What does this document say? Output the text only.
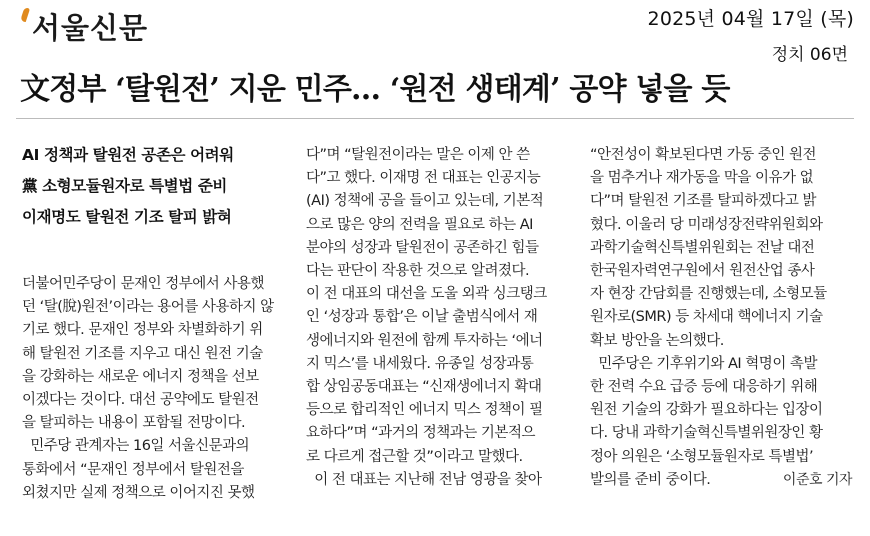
서울신문	2025년 04월 17일 (목)
정치 06면
文정부 ‘탈원전’ 지운 민주… ‘원전 생태계’ 공약 넣을 듯
AI 정책과 탈원전 공존은 어려워
黨 소형모듈원자로 특별법 준비
이재명도 탈원전 기조 탈피 밝혀

더불어민주당이 문재인 정부에서 사용했
던 ‘탈(脫)원전’이라는 용어를 사용하지 않
기로 했다. 문재인 정부와 차별화하기 위
해 탈원전 기조를 지우고 대신 원전 기술
을 강화하는 새로운 에너지 정책을 선보
이겠다는 것이다. 대선 공약에도 탈원전
을 탈피하는 내용이 포함될 전망이다.
민주당 관계자는 16일 서울신문과의
통화에서 “문재인 정부에서 탈원전을
외쳤지만 실제 정책으로 이어지진 못했

다”며 “탈원전이라는 말은 이제 안 쓴
다”고 했다. 이재명 전 대표는 인공지능
(AI) 정책에 공을 들이고 있는데, 기본적
으로 많은 양의 전력을 필요로 하는 AI
분야의 성장과 탈원전이 공존하긴 힘들
다는 판단이 작용한 것으로 알려졌다.
이 전 대표의 대선을 도울 외곽 싱크탱크
인 ‘성장과 통합’은 이날 출범식에서 재
생에너지와 원전에 함께 투자하는 ‘에너
지 믹스’를 내세웠다. 유종일 성장과통
합 상임공동대표는 “신재생에너지 확대
등으로 합리적인 에너지 믹스 정책이 필
요하다”며 “과거의 정책과는 기본적으
로 다르게 접근할 것”이라고 말했다.
이 전 대표는 지난해 전남 영광을 찾아

“안전성이 확보된다면 가동 중인 원전
을 멈추거나 재가동을 막을 이유가 없
다”며 탈원전 기조를 탈피하겠다고 밝
혔다. 이울러 당 미래성장전략위원회와
과학기술혁신특별위원회는 전날 대전
한국원자력연구원에서 원전산업 종사
자 현장 간담회를 진행했는데, 소형모듈
원자로(SMR) 등 차세대 핵에너지 기술
확보 방안을 논의했다.
민주당은 기후위기와 AI 혁명이 촉발
한 전력 수요 급증 등에 대응하기 위해
원전 기술의 강화가 필요하다는 입장이
다. 당내 과학기술혁신특별위원장인 황
정아 의원은 ‘소형모듈원자로 특별법’
발의를 준비 중이다.	이준호 기자
